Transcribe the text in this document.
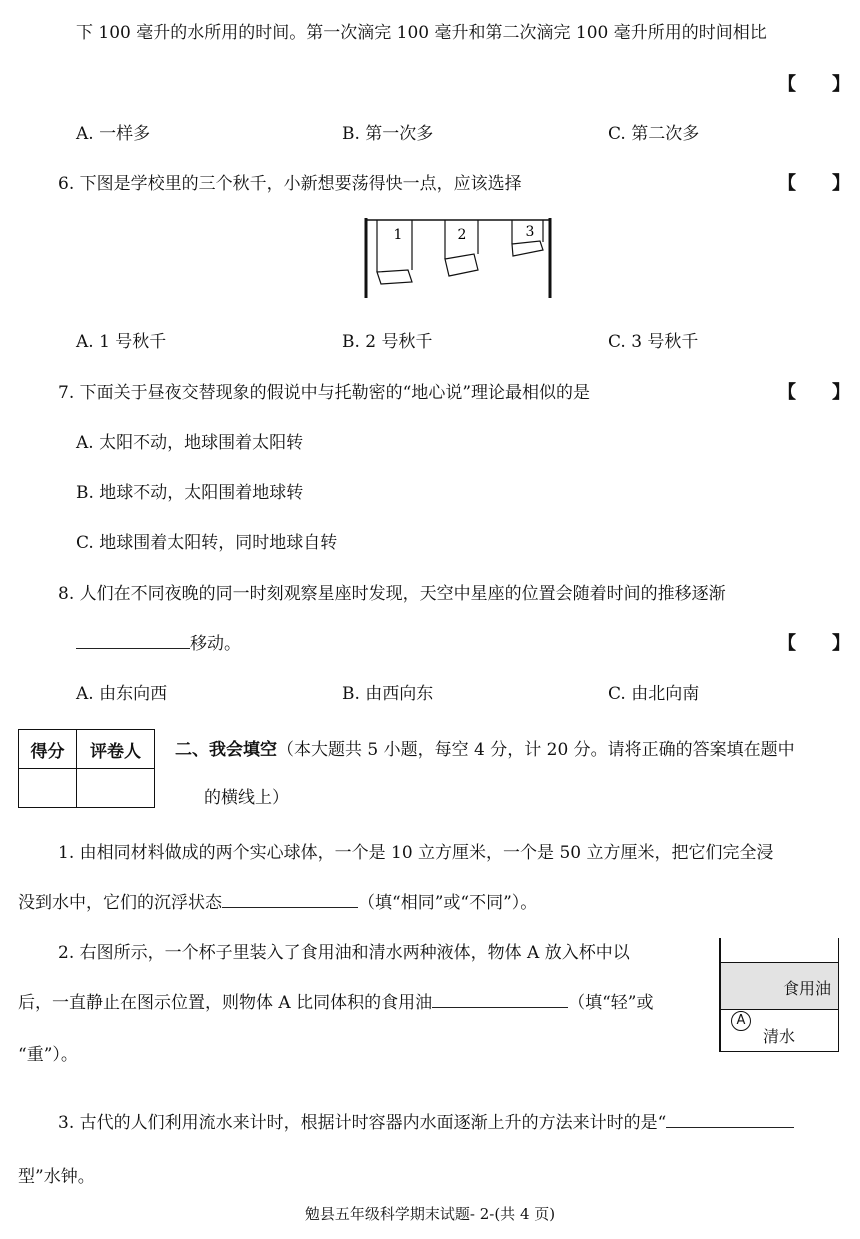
下 100 毫升的水所用的时间。第一次滴完 100 毫升和第二次滴完 100 毫升所用的时间相比
【　　】
A. 一样多	B. 第一次多	C. 第二次多
6. 下图是学校里的三个秋千，小新想要荡得快一点，应该选择	【　　】
1	2	3
A. 1 号秋千	B. 2 号秋千	C. 3 号秋千
7. 下面关于昼夜交替现象的假说中与托勒密的“地心说”理论最相似的是	【　　】
A. 太阳不动，地球围着太阳转
B. 地球不动，太阳围着地球转
C. 地球围着太阳转，同时地球自转
8. 人们在不同夜晚的同一时刻观察星座时发现，天空中星座的位置会随着时间的推移逐渐
移动。	【　　】
A. 由东向西	B. 由西向东	C. 由北向南
得分	评卷人
	二、我会填空（本大题共 5 小题，每空 4 分，计 20 分。请将正确的答案填在题中
的横线上）
1. 由相同材料做成的两个实心球体，一个是 10 立方厘米，一个是 50 立方厘米，把它们完全浸
没到水中，它们的沉浮状态	（填“相同”或“不同”）。
2. 右图所示，一个杯子里装入了食用油和清水两种液体，物体 A 放入杯中以
后，一直静止在图示位置，则物体 A 比同体积的食用油	（填“轻”或
“重”）。
食用油
A
清水
3. 古代的人们利用流水来计时，根据计时容器内水面逐渐上升的方法来计时的是“
型”水钟。
勉县五年级科学期末试题- 2-(共 4 页)
